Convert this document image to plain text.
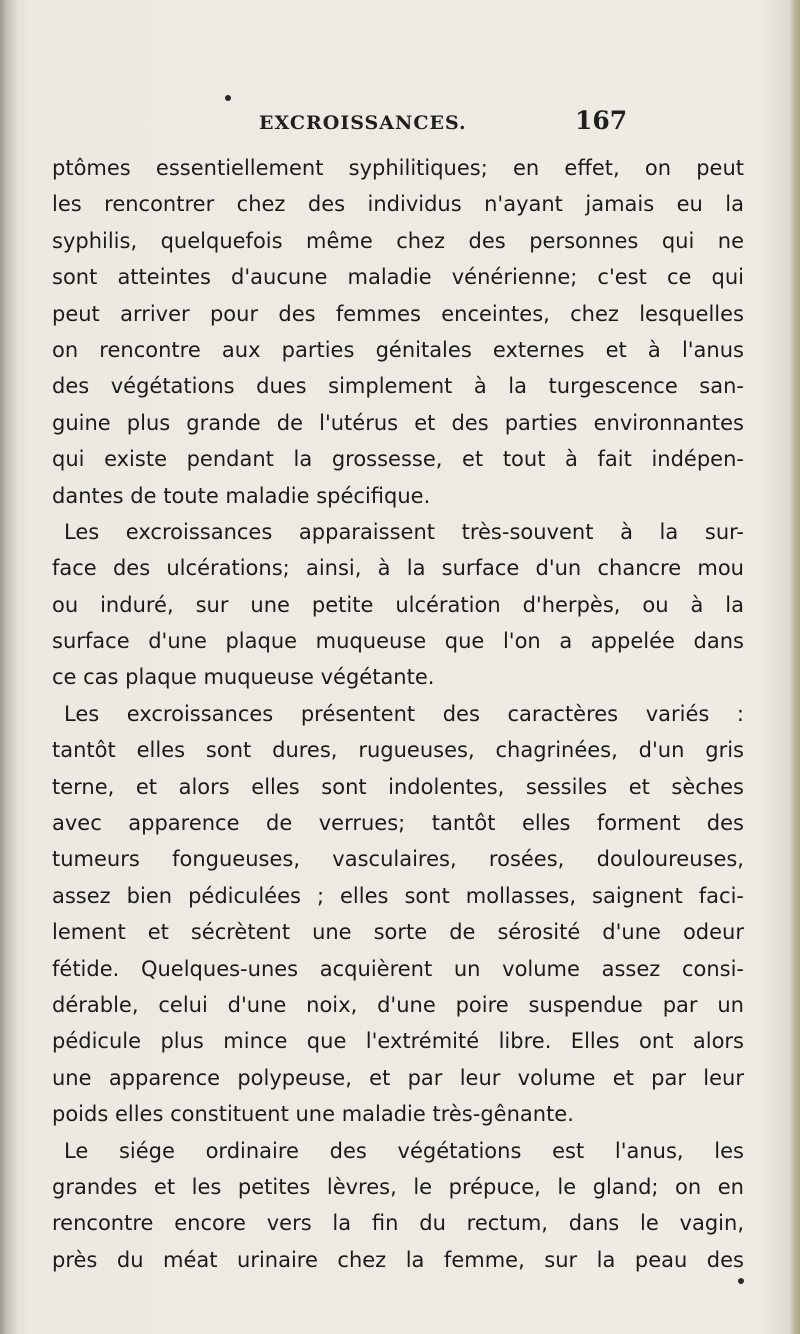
EXCROISSANCES.	167
ptômes essentiellement syphilitiques; en effet, on peut
les rencontrer chez des individus n'ayant jamais eu la
syphilis, quelquefois même chez des personnes qui ne
sont atteintes d'aucune maladie vénérienne; c'est ce qui
peut arriver pour des femmes enceintes, chez lesquelles
on rencontre aux parties génitales externes et à l'anus
des végétations dues simplement à la turgescence san-
guine plus grande de l'utérus et des parties environnantes
qui existe pendant la grossesse, et tout à fait indépen-
dantes de toute maladie spécifique.
Les excroissances apparaissent très-souvent à la sur-
face des ulcérations; ainsi, à la surface d'un chancre mou
ou induré, sur une petite ulcération d'herpès, ou à la
surface d'une plaque muqueuse que l'on a appelée dans
ce cas plaque muqueuse végétante.
Les excroissances présentent des caractères variés :
tantôt elles sont dures, rugueuses, chagrinées, d'un gris
terne, et alors elles sont indolentes, sessiles et sèches
avec apparence de verrues; tantôt elles forment des
tumeurs fongueuses, vasculaires, rosées, douloureuses,
assez bien pédiculées ; elles sont mollasses, saignent faci-
lement et sécrètent une sorte de sérosité d'une odeur
fétide. Quelques-unes acquièrent un volume assez consi-
dérable, celui d'une noix, d'une poire suspendue par un
pédicule plus mince que l'extrémité libre. Elles ont alors
une apparence polypeuse, et par leur volume et par leur
poids elles constituent une maladie très-gênante.
Le siége ordinaire des végétations est l'anus, les
grandes et les petites lèvres, le prépuce, le gland; on en
rencontre encore vers la fin du rectum, dans le vagin,
près du méat urinaire chez la femme, sur la peau des
